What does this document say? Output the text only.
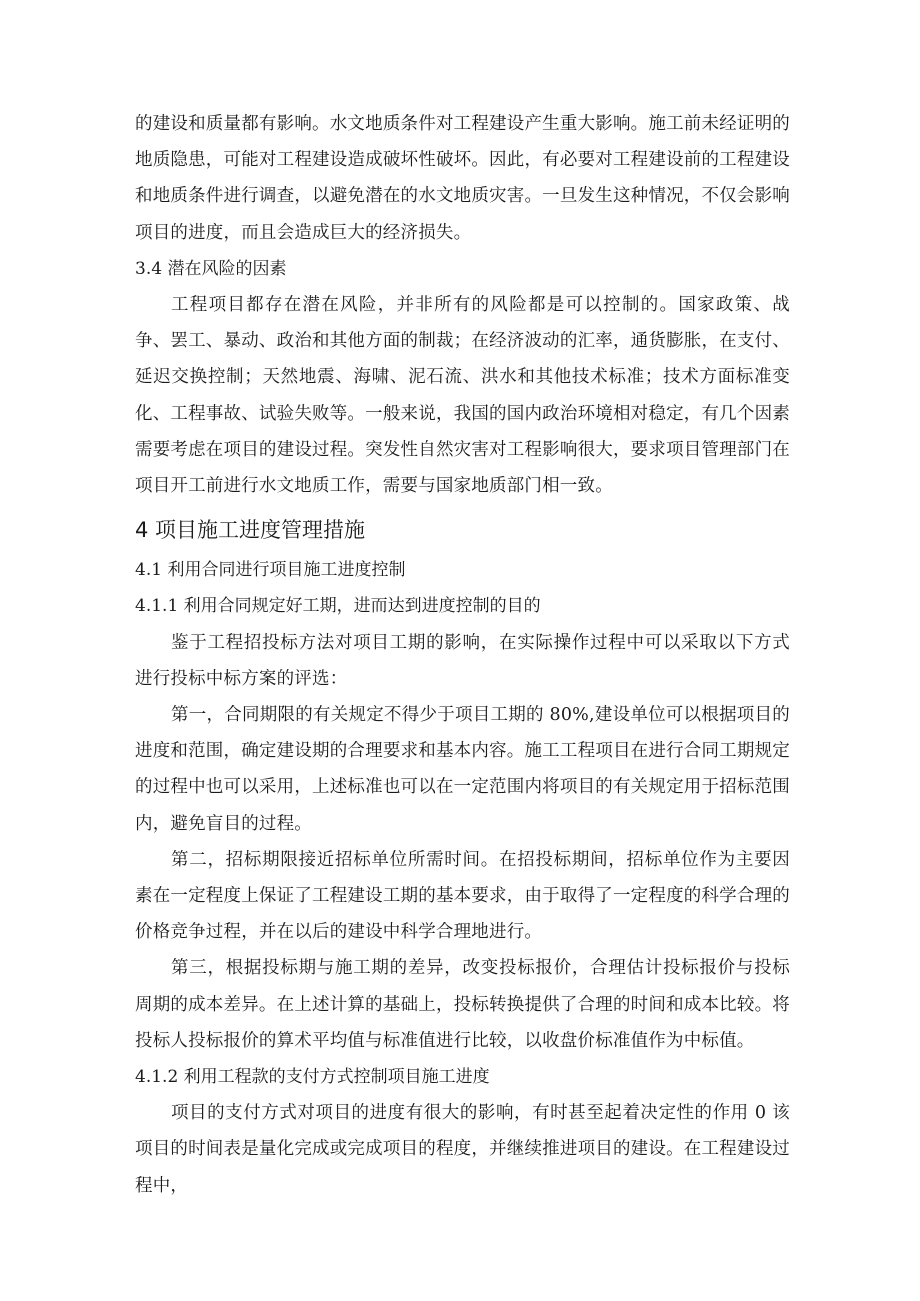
的建设和质量都有影响。水文地质条件对工程建设产生重大影响。施工前未经证明的地质隐患，可能对工程建设造成破坏性破坏。因此，有必要对工程建设前的工程建设和地质条件进行调查，以避免潜在的水文地质灾害。一旦发生这种情况，不仅会影响项目的进度，而且会造成巨大的经济损失。

3.4 潜在风险的因素

工程项目都存在潜在风险，并非所有的风险都是可以控制的。国家政策、战争、罢工、暴动、政治和其他方面的制裁；在经济波动的汇率，通货膨胀，在支付、延迟交换控制；天然地震、海啸、泥石流、洪水和其他技术标准；技术方面标准变化、工程事故、试验失败等。一般来说，我国的国内政治环境相对稳定，有几个因素需要考虑在项目的建设过程。突发性自然灾害对工程影响很大，要求项目管理部门在项目开工前进行水文地质工作，需要与国家地质部门相一致。

4 项目施工进度管理措施

4.1 利用合同进行项目施工进度控制

4.1.1 利用合同规定好工期，进而达到进度控制的目的

鉴于工程招投标方法对项目工期的影响，在实际操作过程中可以采取以下方式进行投标中标方案的评选：

第一，合同期限的有关规定不得少于项目工期的 80%,建设单位可以根据项目的进度和范围，确定建设期的合理要求和基本内容。施工工程项目在进行合同工期规定的过程中也可以采用，上述标准也可以在一定范围内将项目的有关规定用于招标范围内，避免盲目的过程。

第二，招标期限接近招标单位所需时间。在招投标期间，招标单位作为主要因素在一定程度上保证了工程建设工期的基本要求，由于取得了一定程度的科学合理的价格竞争过程，并在以后的建设中科学合理地进行。

第三，根据投标期与施工期的差异，改变投标报价，合理估计投标报价与投标周期的成本差异。在上述计算的基础上，投标转换提供了合理的时间和成本比较。将投标人投标报价的算术平均值与标准值进行比较，以收盘价标准值作为中标值。

4.1.2 利用工程款的支付方式控制项目施工进度

项目的支付方式对项目的进度有很大的影响，有时甚至起着决定性的作用 0 该项目的时间表是量化完成或完成项目的程度，并继续推进项目的建设。在工程建设过程中，
